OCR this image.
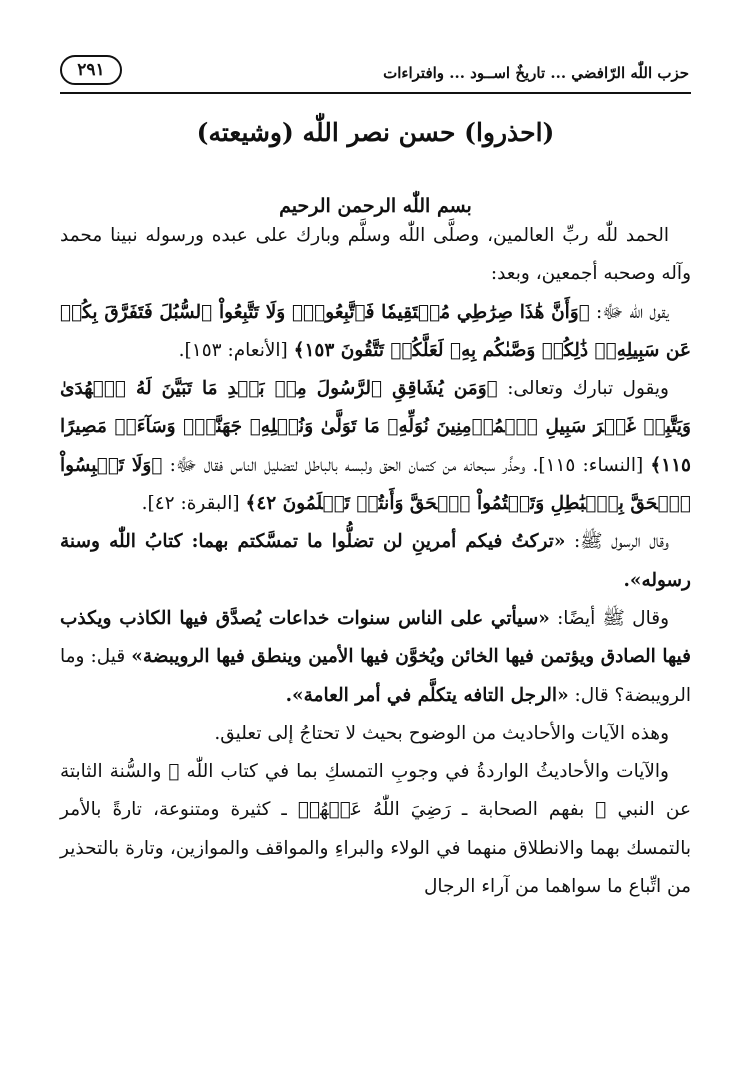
حزب اللّٰه الرّافضي ... تاريخٌ اســود ... وافتراءات
٢٩١
(احذروا) حسن نصر اللّٰه (وشيعته)
بسم اللّٰه الرحمن الرحيم

الحمد للّٰه ربِّ العالمين، وصلَّى اللّٰه وسلَّم وبارك على عبده ورسوله نبينا محمد وآله وصحبه أجمعين، وبعد:

يقول اللّٰه ﷻ: ﴿وَأَنَّ هَٰذَا صِرَٰطِي مُسۡتَقِيمٗا فَٱتَّبِعُوهُۖ وَلَا تَتَّبِعُواْ ٱلسُّبُلَ فَتَفَرَّقَ بِكُمۡ عَن سَبِيلِهِۦۚ ذَٰلِكُمۡ وَصَّىٰكُم بِهِۦ لَعَلَّكُمۡ تَتَّقُونَ ١٥٣﴾ [الأنعام: ١٥٣].

ويقول تبارك وتعالى: ﴿وَمَن يُشَاقِقِ ٱلرَّسُولَ مِنۢ بَعۡدِ مَا تَبَيَّنَ لَهُ ٱلۡهُدَىٰ وَيَتَّبِعۡ غَيۡرَ سَبِيلِ ٱلۡمُؤۡمِنِينَ نُوَلِّهِۦ مَا تَوَلَّىٰ وَنُصۡلِهِۦ جَهَنَّمَۖ وَسَآءَتۡ مَصِيرًا ١١٥﴾ [النساء: ١١٥]. وحذَّر سبحانه من كتمان الحق ولبسه بالباطل لتضليل الناس فقال ﷻ: ﴿وَلَا تَلۡبِسُواْ ٱلۡحَقَّ بِٱلۡبَٰطِلِ وَتَكۡتُمُواْ ٱلۡحَقَّ وَأَنتُمۡ تَعۡلَمُونَ ٤٢﴾ [البقرة: ٤٢].

وقال الرسول ﷺ: «تركتُ فيكم أمرينِ لن تضلُّوا ما تمسَّكتم بهما: كتابُ اللّٰه وسنة رسوله».

وقال ﷺ أيضًا: «سيأتي على الناس سنوات خداعات يُصدَّق فيها الكاذب ويكذب فيها الصادق ويؤتمن فيها الخائن ويُخوَّن فيها الأمين وينطق فيها الرويبضة» قيل: وما الرويبضة؟ قال: «الرجل التافه يتكلَّم في أمر العامة».

وهذه الآيات والأحاديث من الوضوح بحيث لا تحتاجُ إلى تعليق.

والآيات والأحاديثُ الواردةُ في وجوبِ التمسكِ بما في كتاب اللّٰه ﷻ والسُّنة الثابتة عن النبي ﷺ بفهم الصحابة ـ رَضِيَ اللّٰهُ عَنۡهُمۡ ـ كثيرة ومتنوعة، تارةً بالأمر بالتمسك بهما والانطلاق منهما في الولاء والبراءِ والمواقف والموازين، وتارة بالتحذير من اتِّباع ما سواهما من آراء الرجال
